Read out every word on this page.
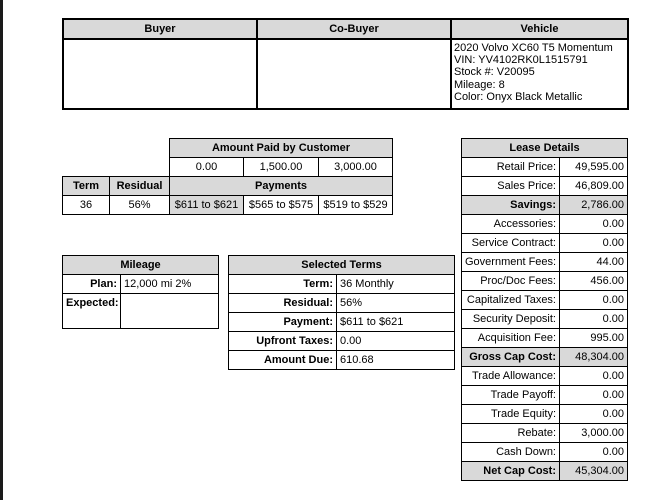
Buyer	Co-Buyer	Vehicle

		2020 Volvo XC60 T5 Momentum
VIN: YV4102RK0L1515791
Stock #: V20095
Mileage: 8
Color: Onyx Black Metallic
		Amount Paid by Customer		
		0.00	1,500.00	3,000.00
Term	Residual	Payments		
36	56%	$611 to $621	$565 to $575	$519 to $529
Mileage	
Plan:	12,000 mi 2%
Expected:	
Selected Terms	
Term:	36 Monthly
Residual:	56%
Payment:	$611 to $621
Upfront Taxes:	0.00
Amount Due:	610.68
Lease Details	
Retail Price:	49,595.00
Sales Price:	46,809.00
Savings:	2,786.00
Accessories:	0.00
Service Contract:	0.00
Government Fees:	44.00
Proc/Doc Fees:	456.00
Capitalized Taxes:	0.00
Security Deposit:	0.00
Acquisition Fee:	995.00
Gross Cap Cost:	48,304.00
Trade Allowance:	0.00
Trade Payoff:	0.00
Trade Equity:	0.00
Rebate:	3,000.00
Cash Down:	0.00
Net Cap Cost:	45,304.00
